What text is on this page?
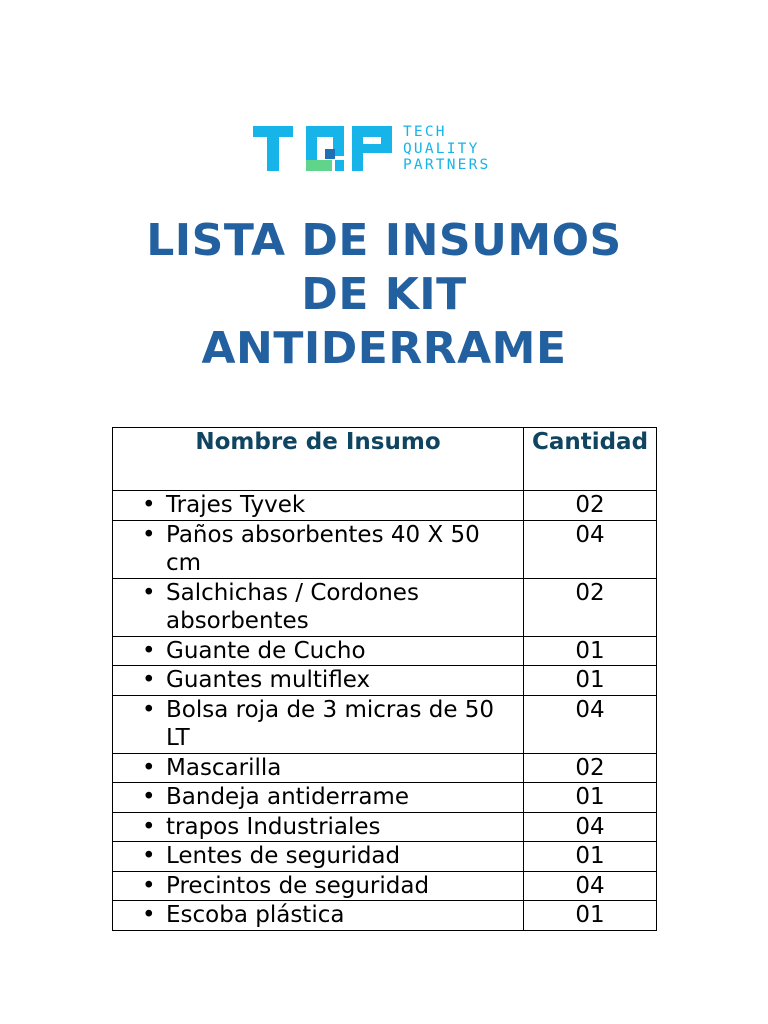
TECH
QUALITY
PARTNERS
LISTA DE INSUMOS
DE KIT
ANTIDERRAME
Nombre de Insumo	Cantidad

• Trajes Tyvek	02

• Paños absorbentes 40 X 50 cm	04

• Salchichas / Cordones absorbentes	02

• Guante de Cucho	01

• Guantes multiflex	01

• Bolsa roja de 3 micras de 50 LT	04

• Mascarilla	02

• Bandeja antiderrame	01

• trapos Industriales	04

• Lentes de seguridad	01

• Precintos de seguridad	04

• Escoba plástica	01
